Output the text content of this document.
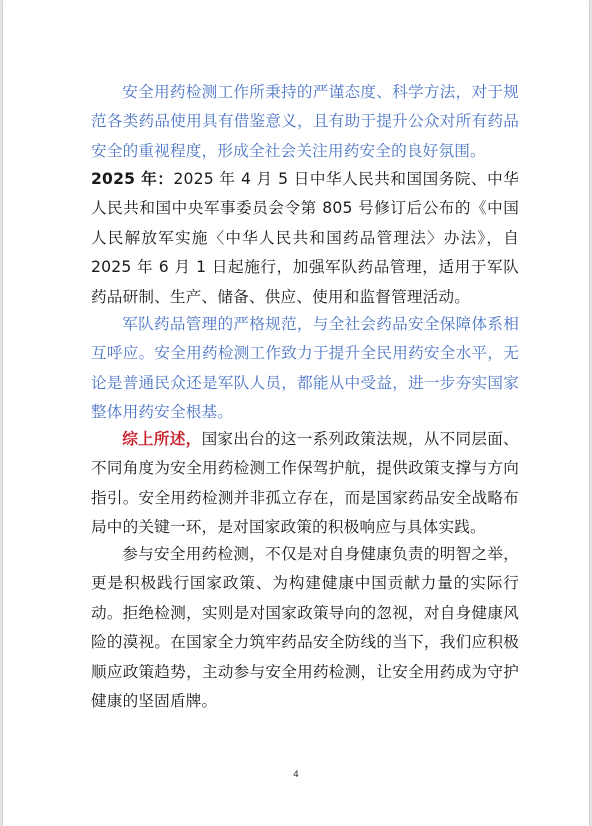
安全用药检测工作所秉持的严谨态度、科学方法，对于规范各类药品使用具有借鉴意义，且有助于提升公众对所有药品安全的重视程度，形成全社会关注用药安全的良好氛围。

2025 年：2025 年 4 月 5 日中华人民共和国国务院、中华人民共和国中央军事委员会令第 805 号修订后公布的《中国人民解放军实施〈中华人民共和国药品管理法〉办法》，自 2025 年 6 月 1 日起施行，加强军队药品管理，适用于军队药品研制、生产、储备、供应、使用和监督管理活动。

军队药品管理的严格规范，与全社会药品安全保障体系相互呼应。安全用药检测工作致力于提升全民用药安全水平，无论是普通民众还是军队人员，都能从中受益，进一步夯实国家整体用药安全根基。

综上所述，国家出台的这一系列政策法规，从不同层面、不同角度为安全用药检测工作保驾护航，提供政策支撑与方向指引。安全用药检测并非孤立存在，而是国家药品安全战略布局中的关键一环，是对国家政策的积极响应与具体实践。

参与安全用药检测，不仅是对自身健康负责的明智之举，更是积极践行国家政策、为构建健康中国贡献力量的实际行动。拒绝检测，实则是对国家政策导向的忽视，对自身健康风险的漠视。在国家全力筑牢药品安全防线的当下，我们应积极顺应政策趋势，主动参与安全用药检测，让安全用药成为守护健康的坚固盾牌。

4
